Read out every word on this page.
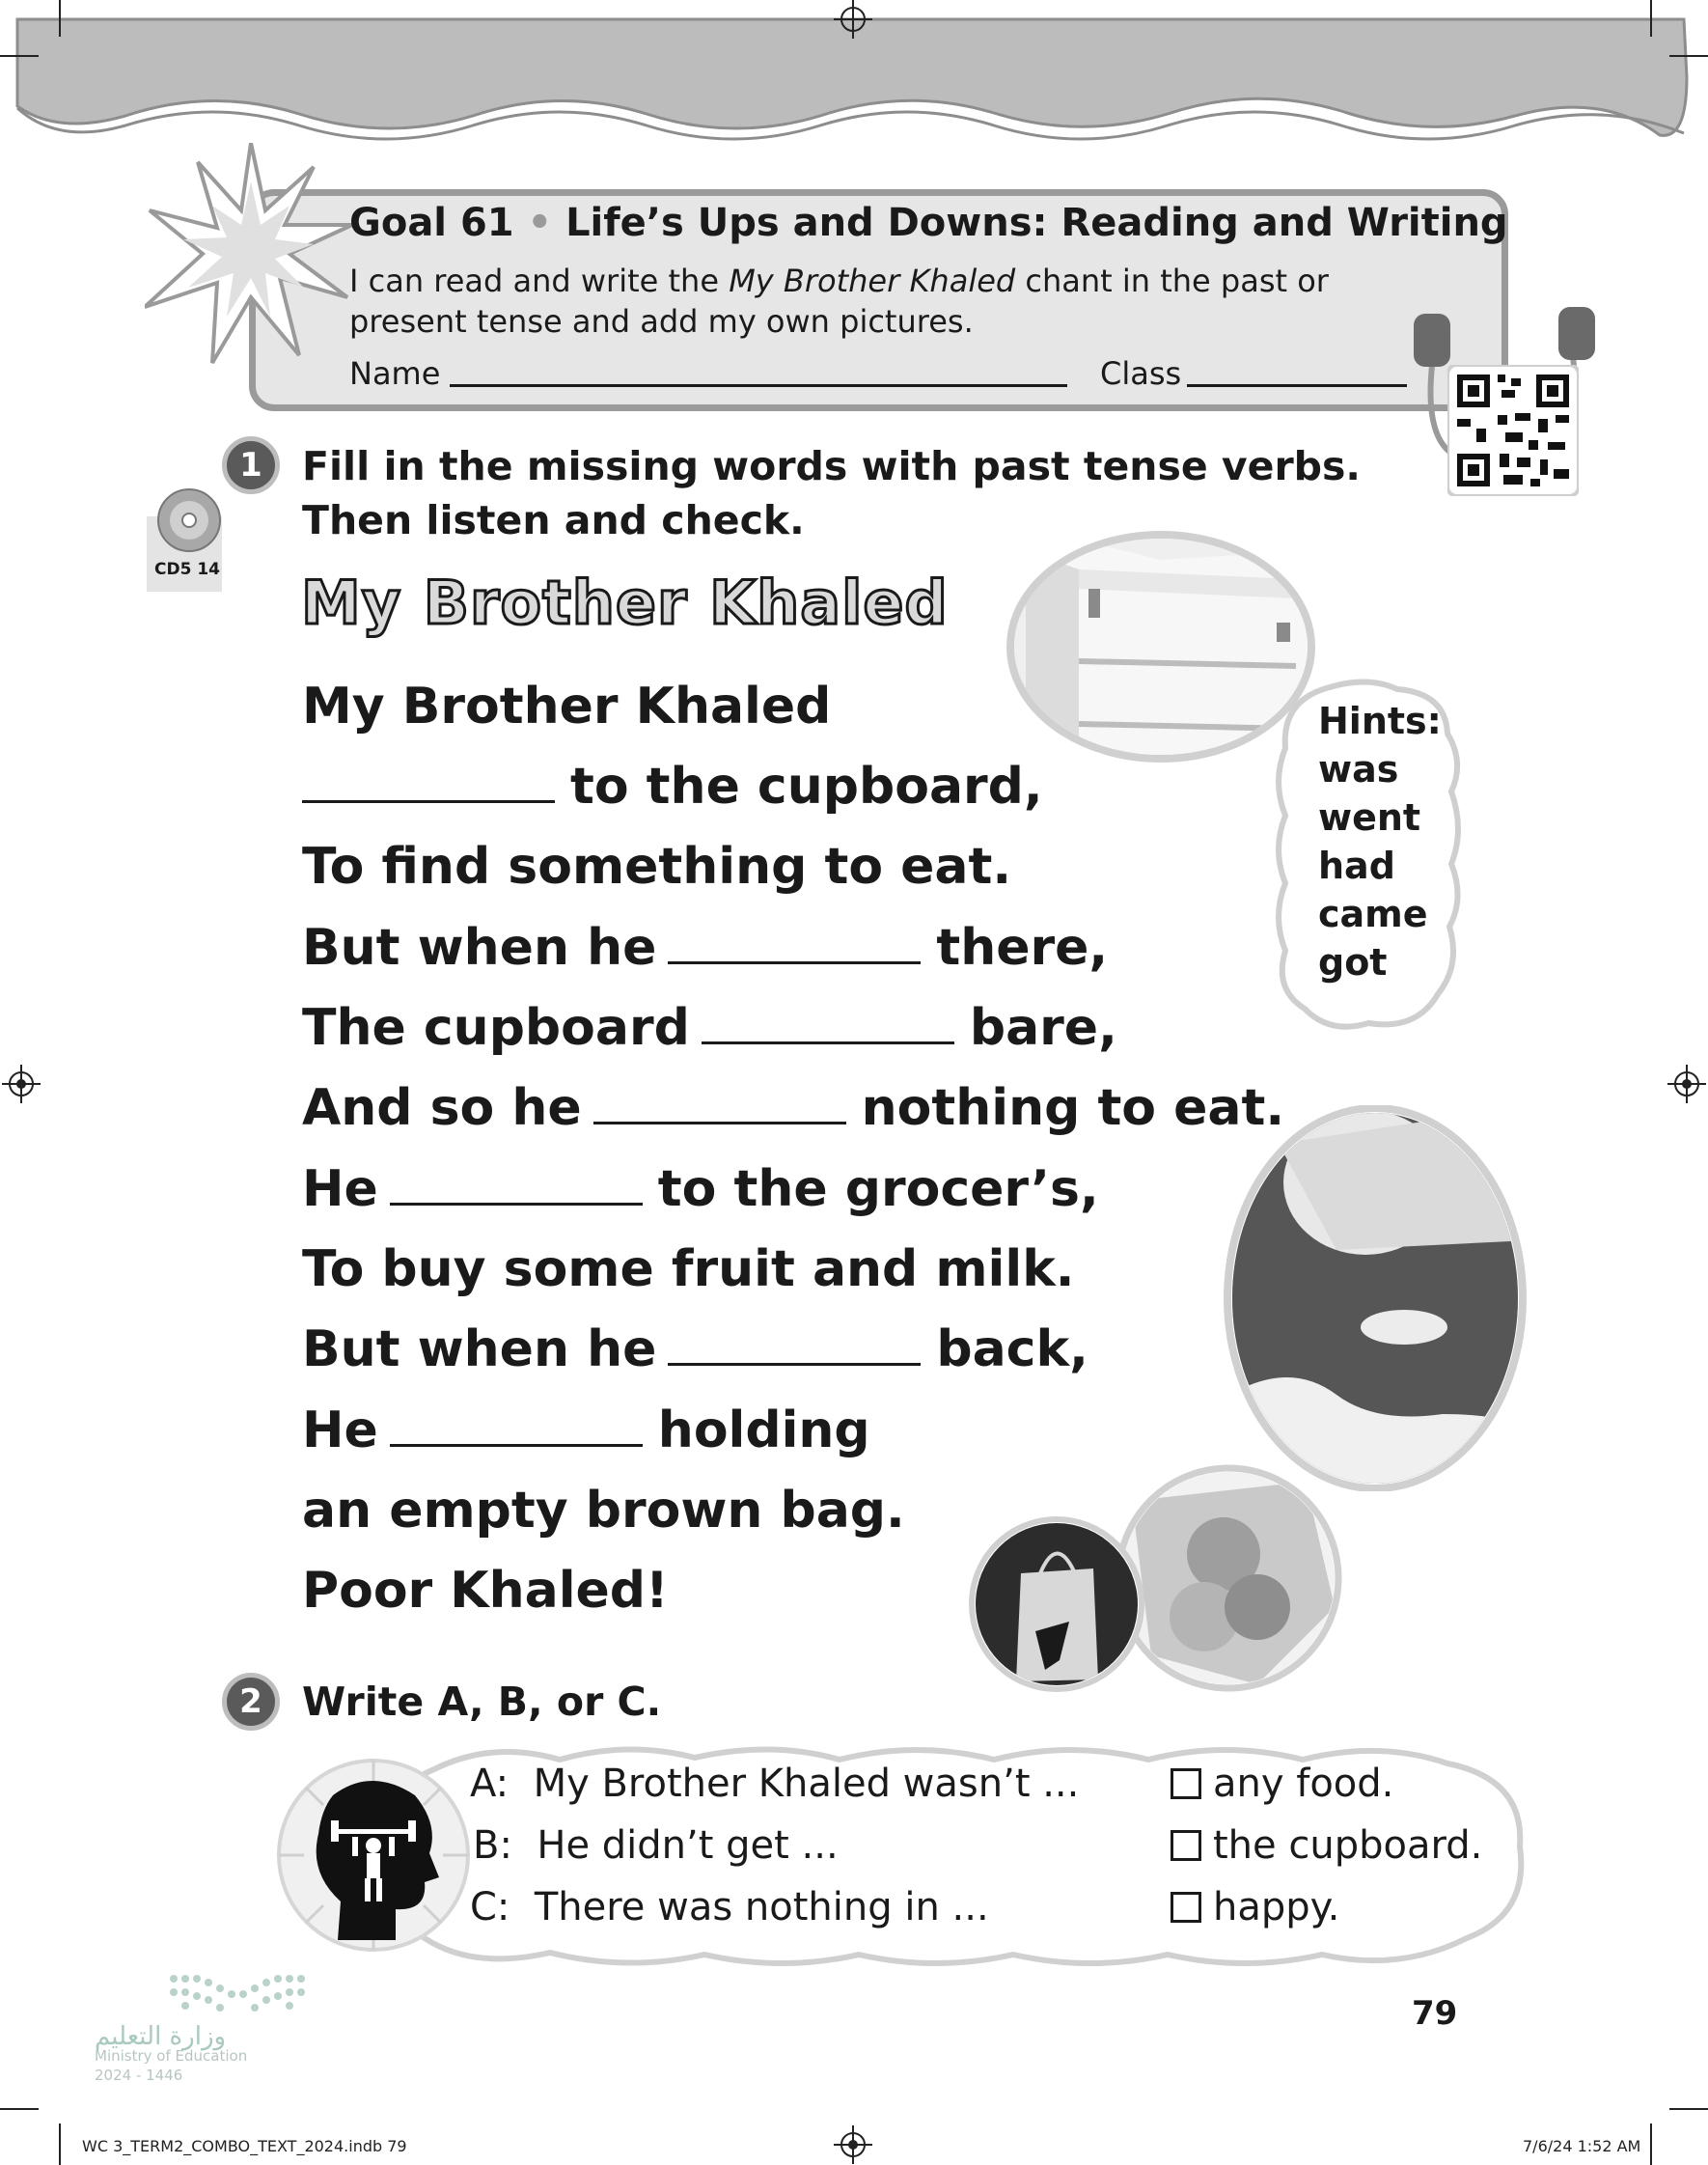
Goal 61 • Life’s Ups and Downs: Reading and Writing
I can read and write the My Brother Khaled chant in the past or present tense and add my own pictures.
Name	Class
1	Fill in the missing words with past tense verbs.
Then listen and check.
CD5 14 My Brother Khaled
My Brother Khaled
to the cupboard,
To find something to eat.
But when he	there,
The cupboard	bare,
And so he	nothing to eat.
He	to the grocer’s,
To buy some fruit and milk.
But when he	back,
He	holding
an empty brown bag.
Poor Khaled!
Hints:
was
went
had
came
got
2	Write A, B, or C.
A: My Brother Khaled wasn’t ...
B: He didn’t get ...
C: There was nothing in ...
any food.
the cupboard.
happy.
79
وزارة التعليم
Ministry of Education
2024 - 1446
WC 3_TERM2_COMBO_TEXT_2024.indb 79	7/6/24 1:52 AM
